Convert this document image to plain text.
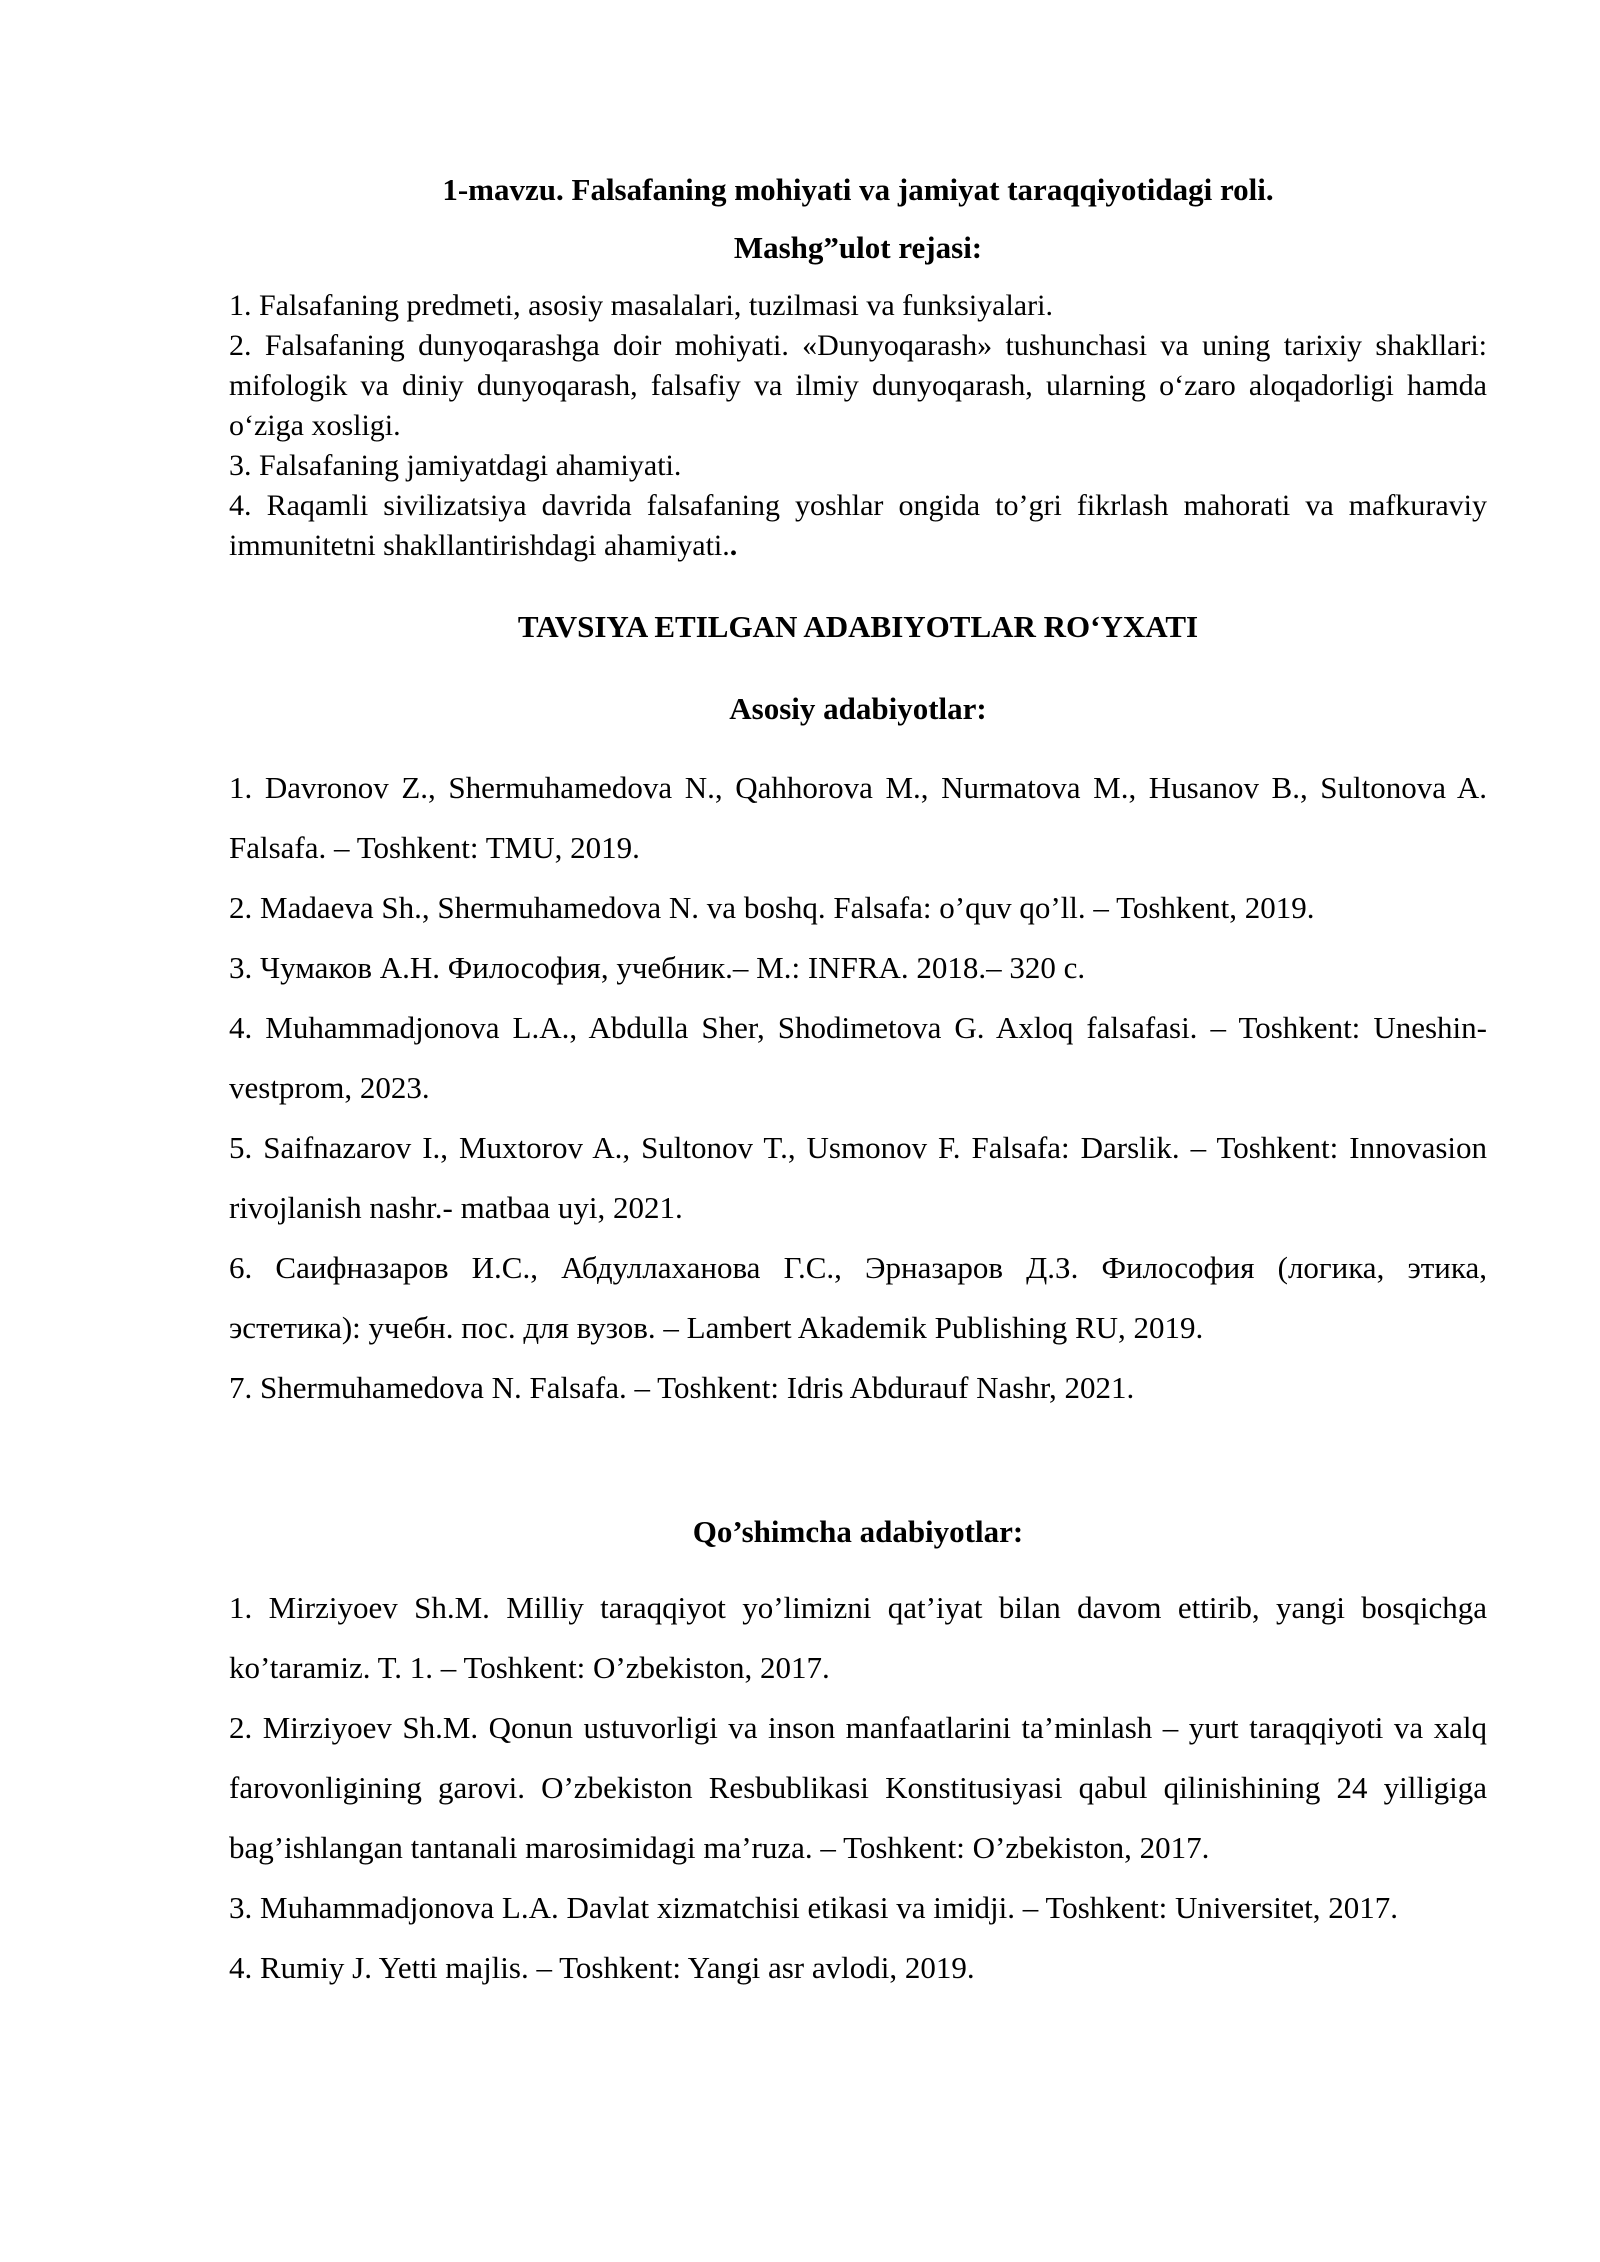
1-mavzu. Falsafaning mohiyati va jamiyat taraqqiyotidagi roli.

Mashg”ulot rejasi:

1. Falsafaning predmeti, asosiy masalalari, tuzilmasi va funksiyalari.

2. Falsafaning dunyoqarashga doir mohiyati. «Dunyoqarash» tushunchasi va uning tarixiy shakllari: mifologik va diniy dunyoqarash, falsafiy va ilmiy dunyoqarash, ularning o‘zaro aloqadorligi hamda o‘ziga xosligi.

3. Falsafaning jamiyatdagi ahamiyati.

4. Raqamli sivilizatsiya davrida falsafaning yoshlar ongida to’gri fikrlash mahorati va mafkuraviy immunitetni shakllantirishdagi ahamiyati..

TAVSIYA ETILGAN ADABIYOTLAR RO‘YXATI

Asosiy adabiyotlar:

1. Davronov Z., Shermuhamedova N., Qahhorova M., Nurmatova M., Husanov B., Sultonova A. Falsafa. – Toshkent: TMU, 2019.

2. Madaeva Sh., Shermuhamedova N. va boshq. Falsafa: o’quv qo’ll. – Toshkent, 2019.

3. Чумаков А.Н. Философия, учебник.– М.: INFRA. 2018.– 320 с.

4. Muhammadjonova L.A., Abdulla Sher, Shodimetova G. Axloq falsafasi. – Toshkent: Uneshin- vestprom, 2023.

5. Saifnazarov I., Muxtorov A., Sultonov T., Usmonov F. Falsafa: Darslik. – Toshkent: Innovasion rivojlanish nashr.- matbaa uyi, 2021.

6. Саифназаров И.С., Абдуллаханова Г.С., Эрназаров Д.З. Философия (логика, этика, эстетика): учебн. пос. для вузов. – Lambert Akademik Publishing RU, 2019.

7. Shermuhamedova N. Falsafa. – Toshkent: Idris Abdurauf Nashr, 2021.

Qo’shimcha adabiyotlar:

1. Mirziyoev Sh.M. Milliy taraqqiyot yo’limizni qat’iyat bilan davom ettirib, yangi bosqichga ko’taramiz. T. 1. – Toshkent: O’zbekiston, 2017.

2. Mirziyoev Sh.M. Qonun ustuvorligi va inson manfaatlarini ta’minlash – yurt taraqqiyoti va xalq farovonligining garovi. O’zbekiston Resbublikasi Konstitusiyasi qabul qilinishining 24 yilligiga bag’ishlangan tantanali marosimidagi ma’ruza. – Toshkent: O’zbekiston, 2017.

3. Muhammadjonova L.A. Davlat xizmatchisi etikasi va imidji. – Toshkent: Universitet, 2017.

4. Rumiy J. Yetti majlis. – Toshkent: Yangi asr avlodi, 2019.
